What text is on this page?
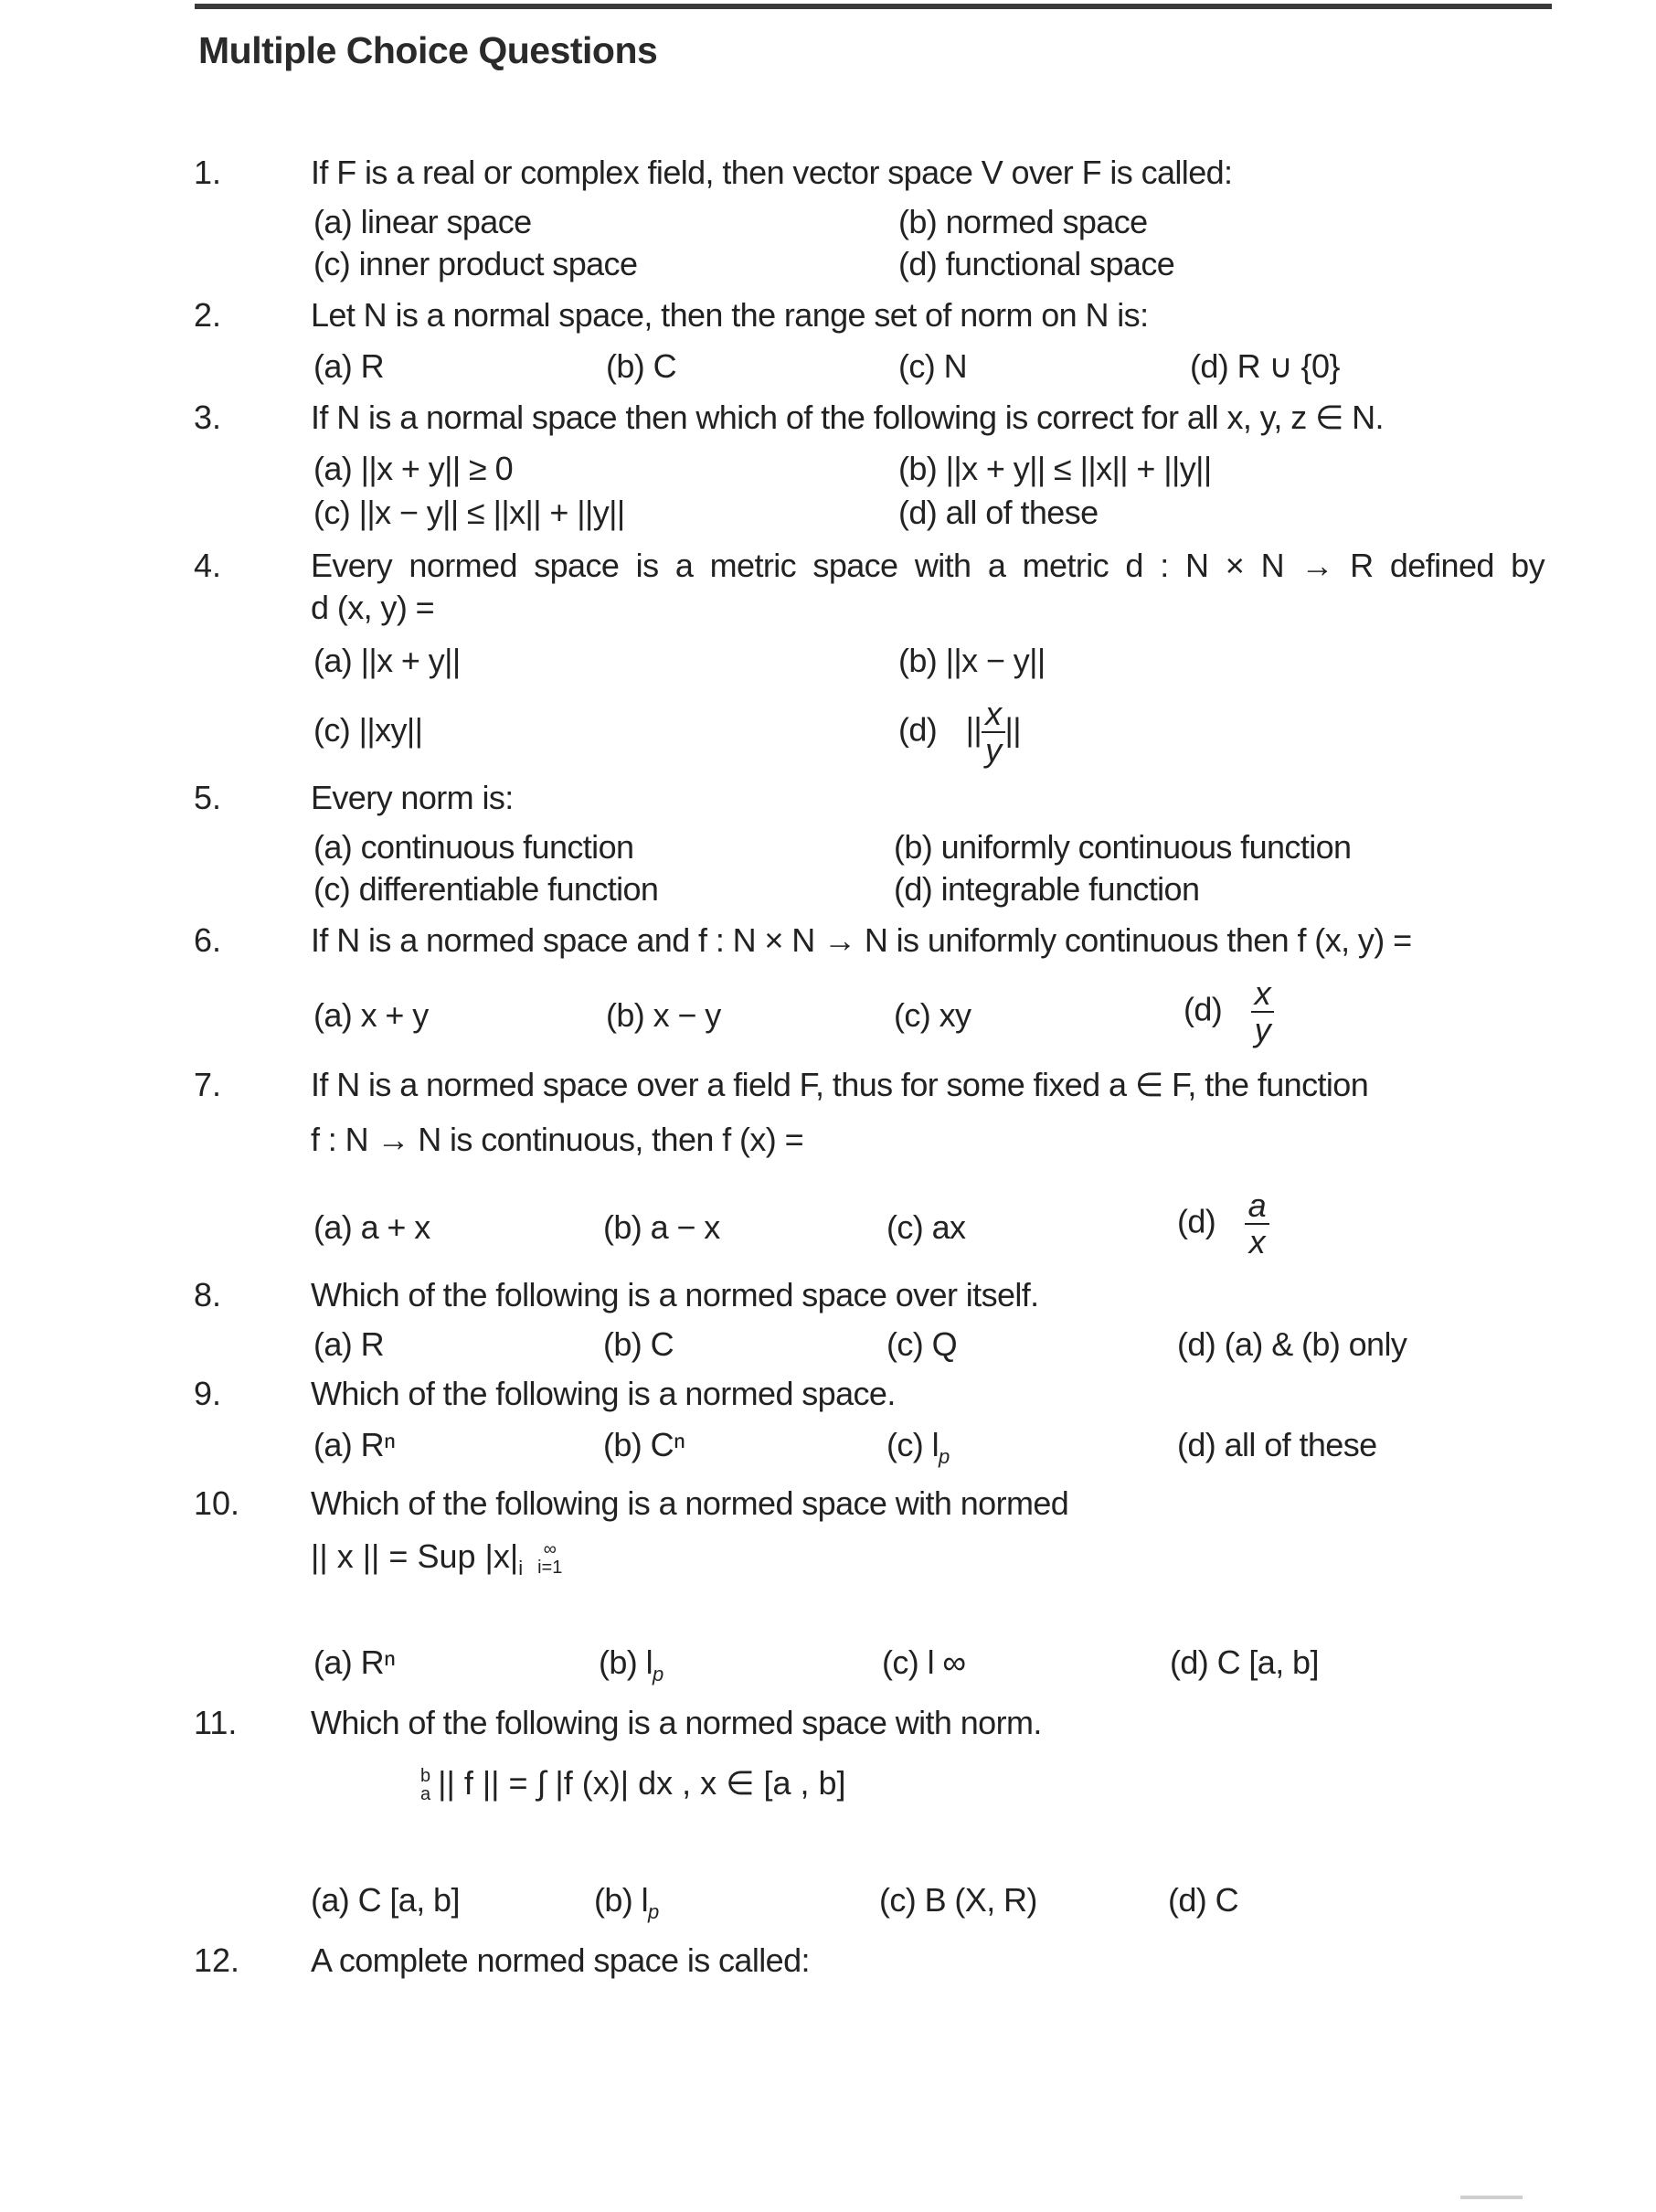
Multiple Choice Questions
1.	If F is a real or complex field, then vector space V over F is called:
(a) linear space	(b) normed space
(c) inner product space	(d) functional space
2.	Let N is a normal space, then the range set of norm on N is:
(a) R	(b) C	(c) N	(d) R ∪ {0}
3.	If N is a normal space then which of the following is correct for all x, y, z ∈ N.
(a) ||x + y|| ≥ 0	(b) ||x + y|| ≤ ||x|| + ||y||
(c) ||x − y|| ≤ ||x|| + ||y||	(d) all of these
4.	Every normed space is a metric space with a metric d : N × N → R defined by
d (x, y) =
(a) ||x + y||	(b) ||x − y||
(c) ||xy||	(d) || $\frac{x}{y}$ ||
5.	Every norm is:
(a) continuous function	(b) uniformly continuous function
(c) differentiable function	(d) integrable function
6.	If N is a normed space and f : N × N → N is uniformly continuous then f (x, y) =
(a) x + y	(b) x − y	(c) xy	$(d) \frac{x}{y}$
7.	If N is a normed space over a field F, thus for some fixed a ∈ F, the function
f : N → N is continuous, then f (x) =
(a) a + x	(b) a − x	(c) ax	$(d) \frac{a}{x}$
8.	Which of the following is a normed space over itself.
(a) R	(b) C	(c) Q	(d) (a) & (b) only
9.	Which of the following is a normed space.
(a) Rⁿ	(b) Cⁿ	(c) $l_p$	(d) all of these
10. Which of the following is a normed space with normed
|| x || = Sup $|x|_i$
∞
i=1
(a) Rⁿ	(b) $l_p$	(c) l ∞	(d) C [a, b]
11. Which of the following is a normed space with norm.
b
a || f || = ∫ |f (x)| dx , x ∈ [a , b]
(a) C [a, b]	(b) $l_p$	(c) B (X, R)	(d) C
12. A complete normed space is called:
